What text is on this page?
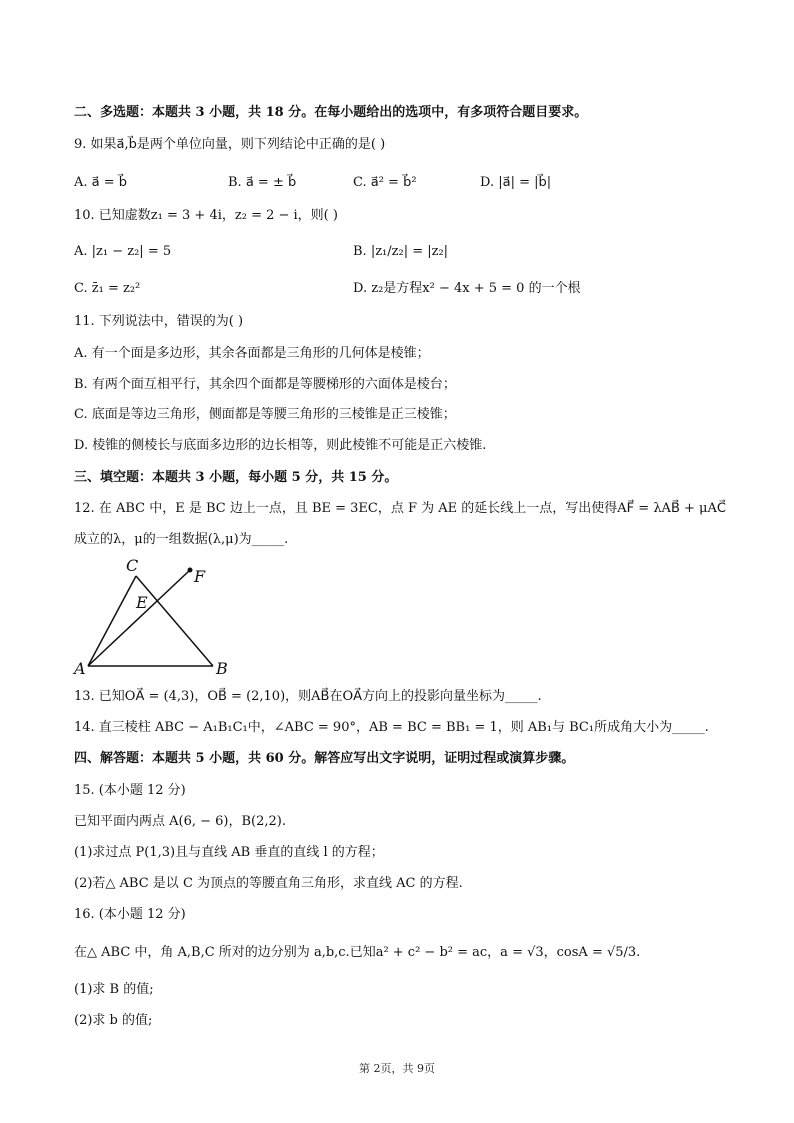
二、多选题：本题共 3 小题，共 18 分。在每小题给出的选项中，有多项符合题目要求。
9. 如果a⃗,b⃗是两个单位向量，则下列结论中正确的是( )
A. a⃗ = b⃗	B. a⃗ = ± b⃗	C. a⃗² = b⃗²	D. |a⃗| = |b⃗|
10. 已知虚数z₁ = 3 + 4i，z₂ = 2 − i，则( )
A. |z₁ − z₂| = 5	B. |z₁/z₂| = |z₂|
C. z̄₁ = z₂²	D. z₂是方程x² − 4x + 5 = 0 的一个根
11. 下列说法中，错误的为( )
A. 有一个面是多边形，其余各面都是三角形的几何体是棱锥；
B. 有两个面互相平行，其余四个面都是等腰梯形的六面体是棱台；
C. 底面是等边三角形，侧面都是等腰三角形的三棱锥是正三棱锥；
D. 棱锥的侧棱长与底面多边形的边长相等，则此棱锥不可能是正六棱锥.
三、填空题：本题共 3 小题，每小题 5 分，共 15 分。
12. 在 ABC 中，E 是 BC 边上一点，且 BE = 3EC，点 F 为 AE 的延长线上一点，写出使得AF⃗ = λAB⃗ + μAC⃗
成立的λ，μ的一组数据(λ,μ)为_____.
A	B
C
E
F
13. 已知OA⃗ = (4,3)，OB⃗ = (2,10)，则AB⃗在OA⃗方向上的投影向量坐标为_____.
14. 直三棱柱 ABC − A₁B₁C₁中，∠ABC = 90°，AB = BC = BB₁ = 1，则 AB₁与 BC₁所成角大小为_____.
四、解答题：本题共 5 小题，共 60 分。解答应写出文字说明，证明过程或演算步骤。
15. (本小题 12 分)
已知平面内两点 A(6, − 6)，B(2,2).
(1)求过点 P(1,3)且与直线 AB 垂直的直线 l 的方程；
(2)若△ ABC 是以 C 为顶点的等腰直角三角形，求直线 AC 的方程.
16. (本小题 12 分)
在△ ABC 中，角 A,B,C 所对的边分别为 a,b,c.已知a² + c² − b² = ac，a = √3，cosA = √5/3.
(1)求 B 的值;
(2)求 b 的值;
第 2页，共 9页
